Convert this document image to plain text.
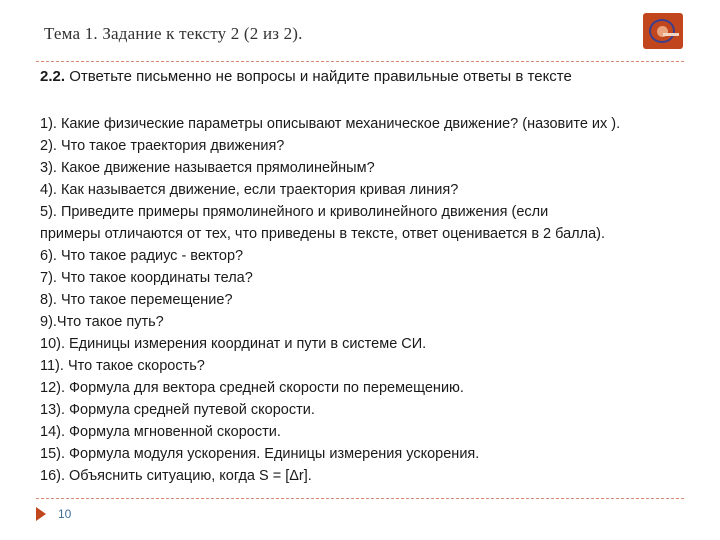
Тема 1. Задание к тексту 2 (2 из 2).
2.2. Ответьте письменно не вопросы и найдите правильные ответы в тексте
1). Какие физические параметры описывают механическое движение? (назовите их ).
2). Что такое траектория движения?
3). Какое движение называется прямолинейным?
4). Как называется движение, если траектория кривая линия?
5). Приведите примеры прямолинейного и криволинейного движения (если
примеры отличаются от тех, что приведены в тексте, ответ оценивается в 2 балла).
6). Что такое радиус - вектор?
7). Что такое координаты тела?
8). Что такое перемещение?
9).Что такое путь?
10). Единицы измерения координат и пути в системе СИ.
11). Что такое скорость?
12). Формула для вектора средней скорости по перемещению.
13). Формула средней путевой скорости.
14). Формула мгновенной скорости.
15). Формула модуля ускорения. Единицы измерения ускорения.
16). Объяснить ситуацию, когда S = [Δr].
10
